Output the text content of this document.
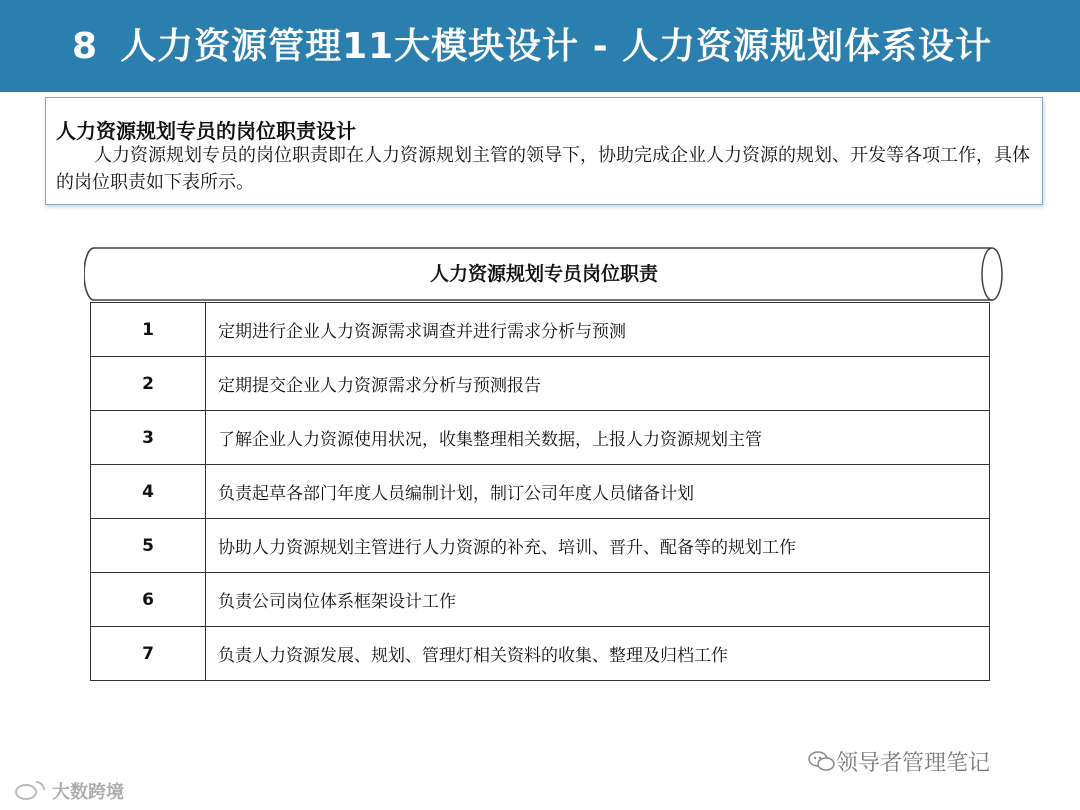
8 人力资源管理11大模块设计 - 人力资源规划体系设计
人力资源规划专员的岗位职责设计
人力资源规划专员的岗位职责即在人力资源规划主管的领导下，协助完成企业人力资源的规划、开发等各项工作，具体的岗位职责如下表所示。
人力资源规划专员岗位职责
1	定期进行企业人力资源需求调查并进行需求分析与预测
2	定期提交企业人力资源需求分析与预测报告
3	了解企业人力资源使用状况，收集整理相关数据，上报人力资源规划主管
4	负责起草各部门年度人员编制计划，制订公司年度人员储备计划
5	协助人力资源规划主管进行人力资源的补充、培训、晋升、配备等的规划工作
6	负责公司岗位体系框架设计工作
7	负责人力资源发展、规划、管理灯相关资料的收集、整理及归档工作
领导者管理笔记
大数跨境
